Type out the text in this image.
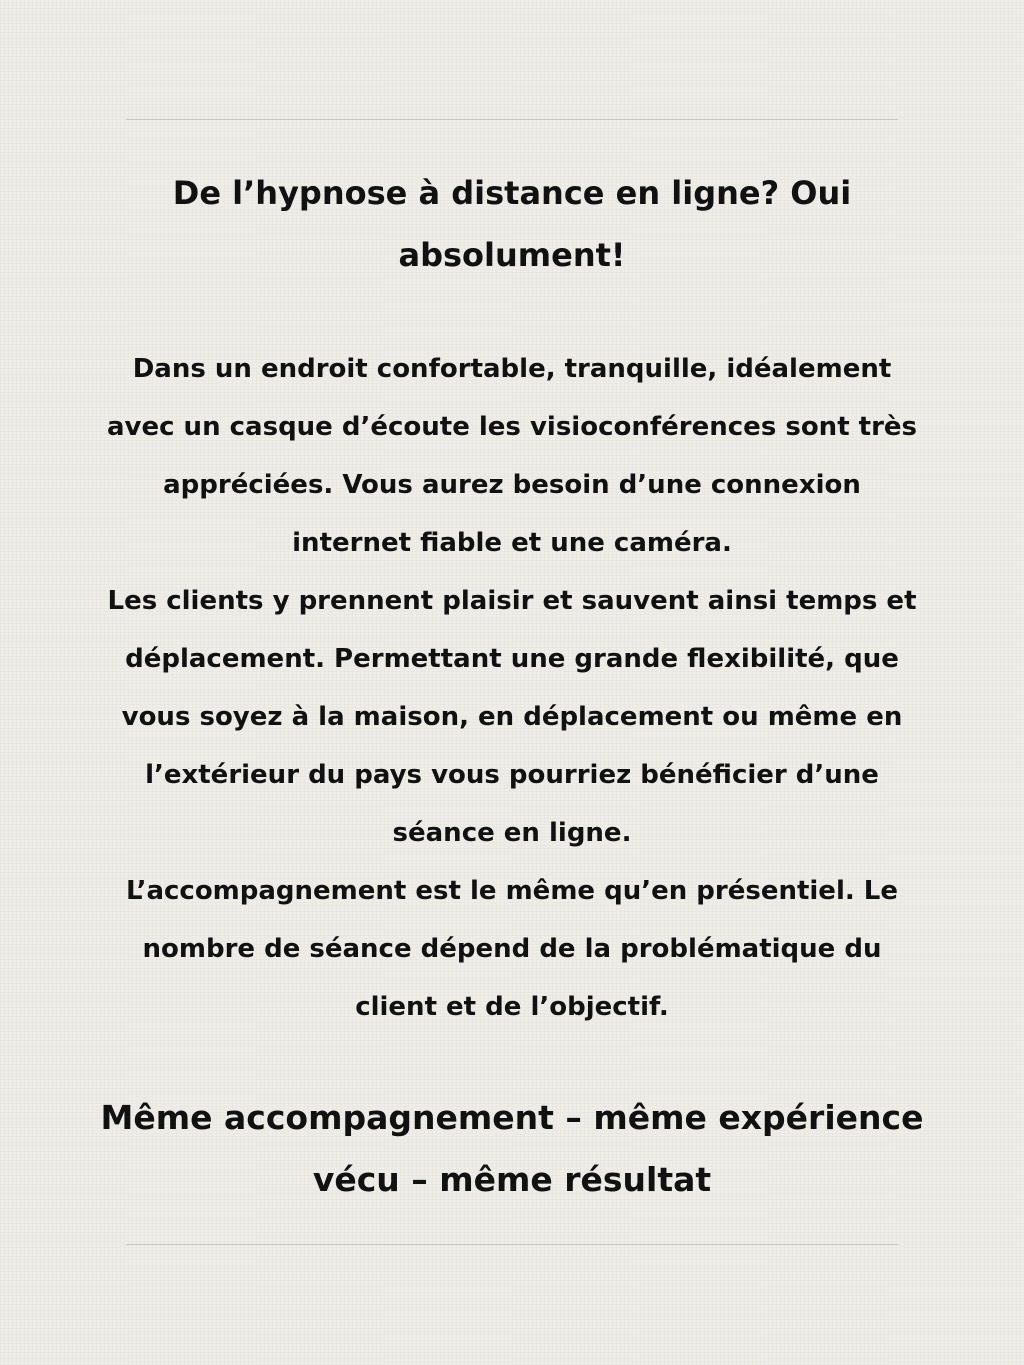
De l’hypnose à distance en ligne? Oui
absolument!
Dans un endroit confortable, tranquille, idéalement
avec un casque d’écoute les visioconférences sont très
appréciées. Vous aurez besoin d’une connexion
internet fiable et une caméra.
Les clients y prennent plaisir et sauvent ainsi temps et
déplacement. Permettant une grande flexibilité, que
vous soyez à la maison, en déplacement ou même en
l’extérieur du pays vous pourriez bénéficier d’une
séance en ligne.
L’accompagnement est le même qu’en présentiel. Le
nombre de séance dépend de la problématique du
client et de l’objectif.
Même accompagnement – même expérience
vécu – même résultat
